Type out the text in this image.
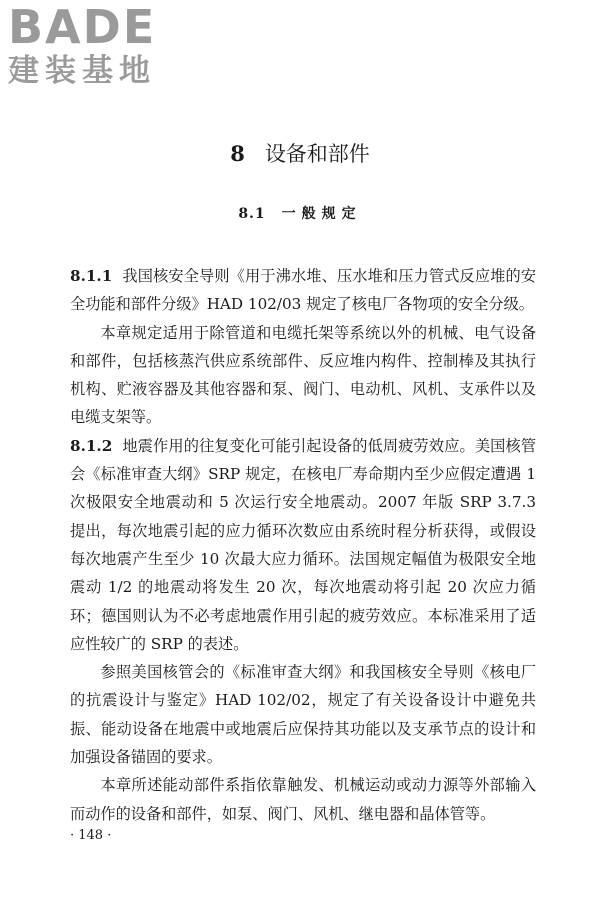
BADE
建装基地
8 设备和部件
8.1 一般规定

8.1.1 我国核安全导则《用于沸水堆、压水堆和压力管式反应堆的安全功能和部件分级》HAD 102/03 规定了核电厂各物项的安全分级。

本章规定适用于除管道和电缆托架等系统以外的机械、电气设备和部件，包括核蒸汽供应系统部件、反应堆内构件、控制棒及其执行机构、贮液容器及其他容器和泵、阀门、电动机、风机、支承件以及电缆支架等。

8.1.2 地震作用的往复变化可能引起设备的低周疲劳效应。美国核管会《标准审查大纲》SRP 规定，在核电厂寿命期内至少应假定遭遇 1 次极限安全地震动和 5 次运行安全地震动。2007 年版 SRP 3.7.3 提出，每次地震引起的应力循环次数应由系统时程分析获得，或假设每次地震产生至少 10 次最大应力循环。法国规定幅值为极限安全地震动 1/2 的地震动将发生 20 次，每次地震动将引起 20 次应力循环；德国则认为不必考虑地震作用引起的疲劳效应。本标准采用了适应性较广的 SRP 的表述。

参照美国核管会的《标准审查大纲》和我国核安全导则《核电厂的抗震设计与鉴定》HAD 102/02，规定了有关设备设计中避免共振、能动设备在地震中或地震后应保持其功能以及支承节点的设计和加强设备锚固的要求。

本章所述能动部件系指依靠触发、机械运动或动力源等外部输入而动作的设备和部件，如泵、阀门、风机、继电器和晶体管等。

· 148 ·
